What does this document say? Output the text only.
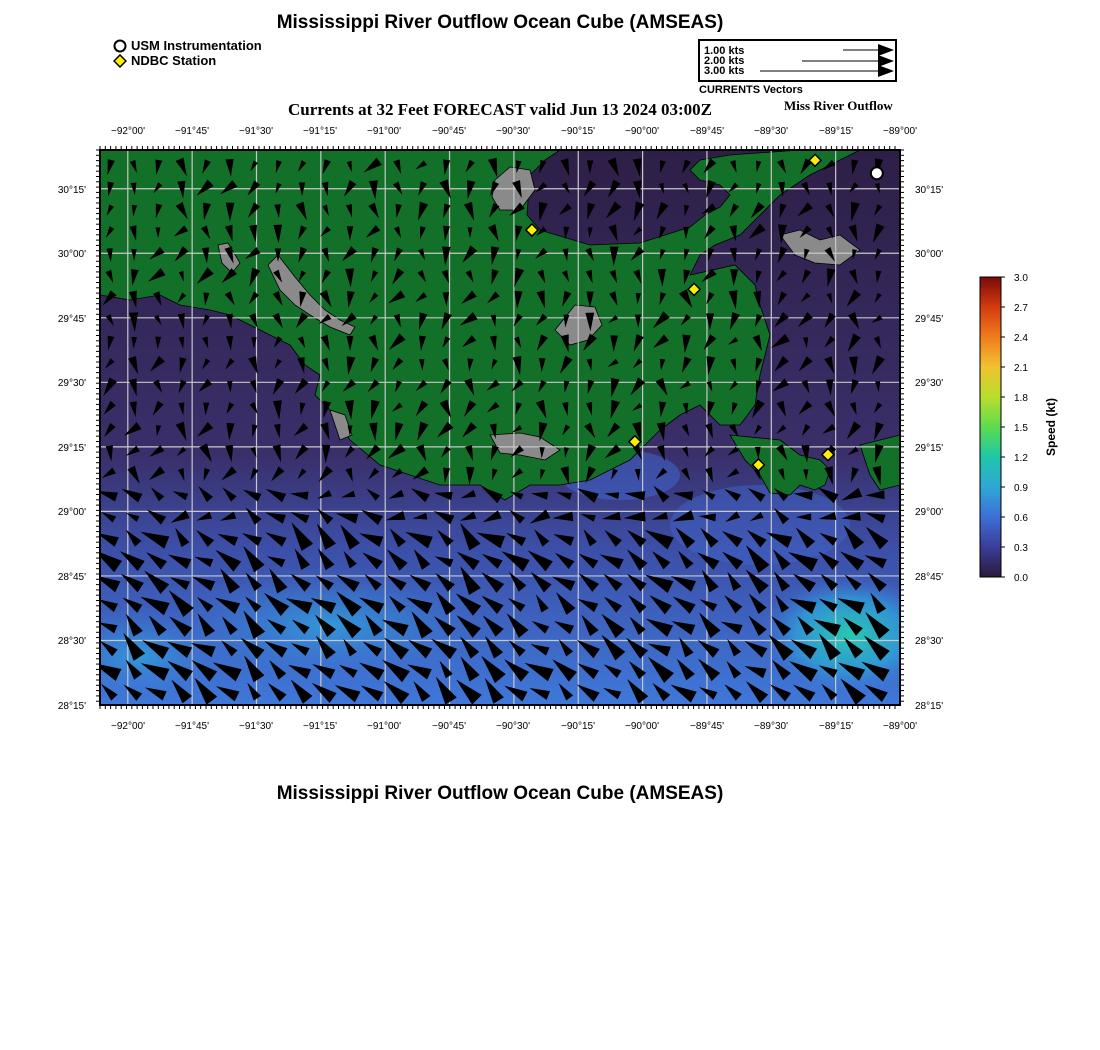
Mississippi River Outflow Ocean Cube (AMSEAS)
USM Instrumentation
NDBC Station
1.00 kts
2.00 kts
3.00 kts
CURRENTS Vectors
Currents at 32 Feet FORECAST valid Jun 13 2024 03:00Z	Miss River Outflow
−92°00'	−91°45'	−91°30'	−91°15'	−91°00'	−90°45'	−90°30'	−90°15'	−90°00'	−89°45'	−89°30'	−89°15'	−89°00'
−92°00'	−91°45'	−91°30'	−91°15'	−91°00'	−90°45'	−90°30'	−90°15'	−90°00'	−89°45'	−89°30'	−89°15'	−89°00'
30°15'
30°00'
29°45'
29°30'
29°15'
29°00'
28°45'
28°30'
28°15'
30°15'
30°00'
29°45'
29°30'
29°15'
29°00'
28°45'
28°30'
28°15'
3.0
2.7
2.4
2.1
1.8
1.5
1.2
0.9
0.6
0.3
0.0
Speed (kt)
Mississippi River Outflow Ocean Cube (AMSEAS)
